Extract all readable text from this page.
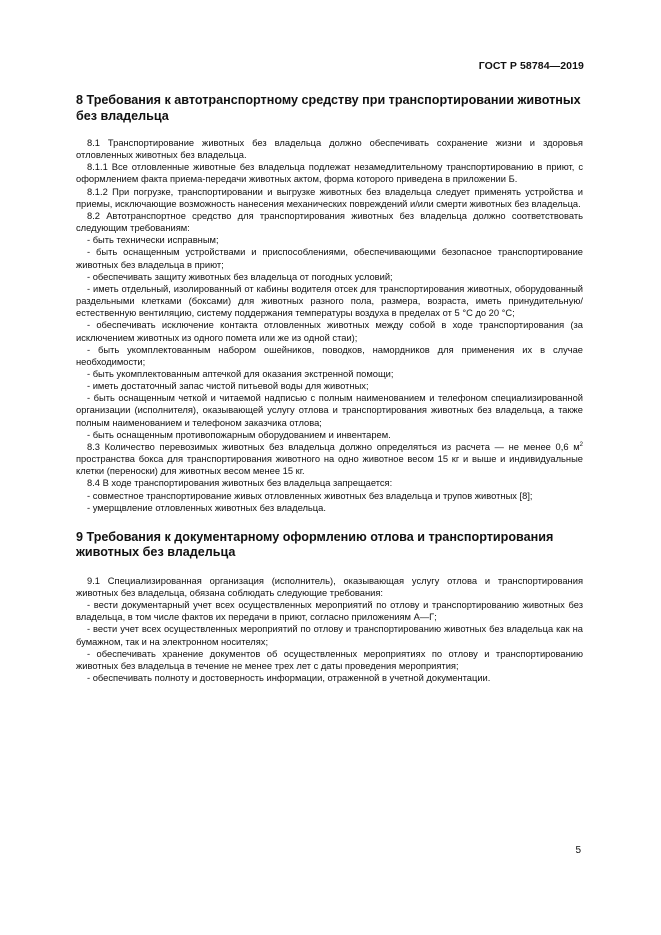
ГОСТ Р 58784—2019
8 Требования к автотранспортному средству при транспортировании животных без владельца

8.1 Транспортирование животных без владельца должно обеспечивать сохранение жизни и здоровья отловленных животных без владельца.

8.1.1 Все отловленные животные без владельца подлежат незамедлительному транспортированию в приют, с оформлением факта приема-передачи животных актом, форма которого приведена в приложении Б.

8.1.2 При погрузке, транспортировании и выгрузке животных без владельца следует применять устройства и приемы, исключающие возможность нанесения механических повреждений и/или смерти животных без владельца.

8.2 Автотранспортное средство для транспортирования животных без владельца должно соответствовать следующим требованиям:

- быть технически исправным;

- быть оснащенным устройствами и приспособлениями, обеспечивающими безопасное транспортирование животных без владельца в приют;

- обеспечивать защиту животных без владельца от погодных условий;

- иметь отдельный, изолированный от кабины водителя отсек для транспортирования животных, оборудованный раздельными клетками (боксами) для животных разного пола, размера, возраста, иметь принудительную/естественную вентиляцию, систему поддержания температуры воздуха в пределах от 5 °С до 20 °С;

- обеспечивать исключение контакта отловленных животных между собой в ходе транспортирования (за исключением животных из одного помета или же из одной стаи);

- быть укомплектованным набором ошейников, поводков, намордников для применения их в случае необходимости;

- быть укомплектованным аптечкой для оказания экстренной помощи;

- иметь достаточный запас чистой питьевой воды для животных;

- быть оснащенным четкой и читаемой надписью с полным наименованием и телефоном специализированной организации (исполнителя), оказывающей услугу отлова и транспортирования животных без владельца, а также полным наименованием и телефоном заказчика отлова;

- быть оснащенным противопожарным оборудованием и инвентарем.

8.3 Количество перевозимых животных без владельца должно определяться из расчета — не менее 0,6 $м^2$ пространства бокса для транспортирования животного на одно животное весом 15 кг и выше и индивидуальные клетки (переноски) для животных весом менее 15 кг.

8.4 В ходе транспортирования животных без владельца запрещается:

- совместное транспортирование живых отловленных животных без владельца и трупов животных [8];

- умерщвление отловленных животных без владельца.

9 Требования к документарному оформлению отлова и транспортирования животных без владельца

9.1 Специализированная организация (исполнитель), оказывающая услугу отлова и транспортирования животных без владельца, обязана соблюдать следующие требования:

- вести документарный учет всех осуществленных мероприятий по отлову и транспортированию животных без владельца, в том числе фактов их передачи в приют, согласно приложениям А—Г;

- вести учет всех осуществленных мероприятий по отлову и транспортированию животных без владельца как на бумажном, так и на электронном носителях;

- обеспечивать хранение документов об осуществленных мероприятиях по отлову и транспортированию животных без владельца в течение не менее трех лет с даты проведения мероприятия;

- обеспечивать полноту и достоверность информации, отраженной в учетной документации.

5
